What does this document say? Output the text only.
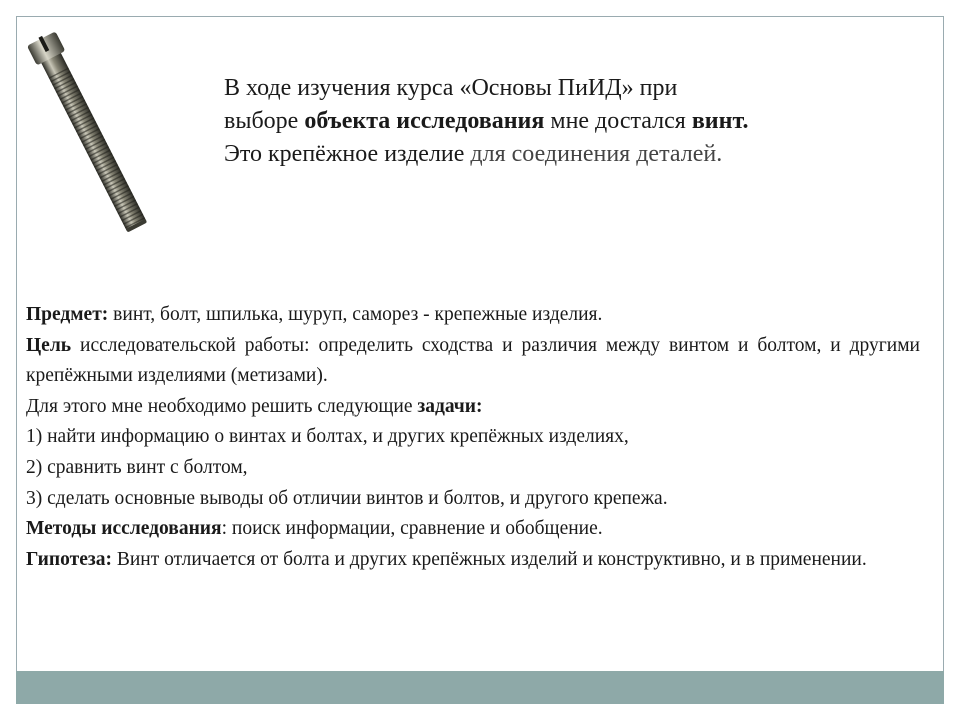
В ходе изучения курса «Основы ПиИД» при
выборе объекта исследования мне достался винт.
Это крепёжное изделие для соединения деталей.

Предмет: винт, болт, шпилька, шуруп, саморез - крепежные изделия.

Цель исследовательской работы: определить сходства и различия между винтом и болтом, и другими крепёжными изделиями (метизами).

Для этого мне необходимо решить следующие задачи:

1) найти информацию о винтах и болтах, и других крепёжных изделиях,

2) сравнить винт с болтом,

3) сделать основные выводы об отличии винтов и болтов, и другого крепежа.

Методы исследования: поиск информации, сравнение и обобщение.

Гипотеза: Винт отличается от болта и других крепёжных изделий и конструктивно, и в применении.
